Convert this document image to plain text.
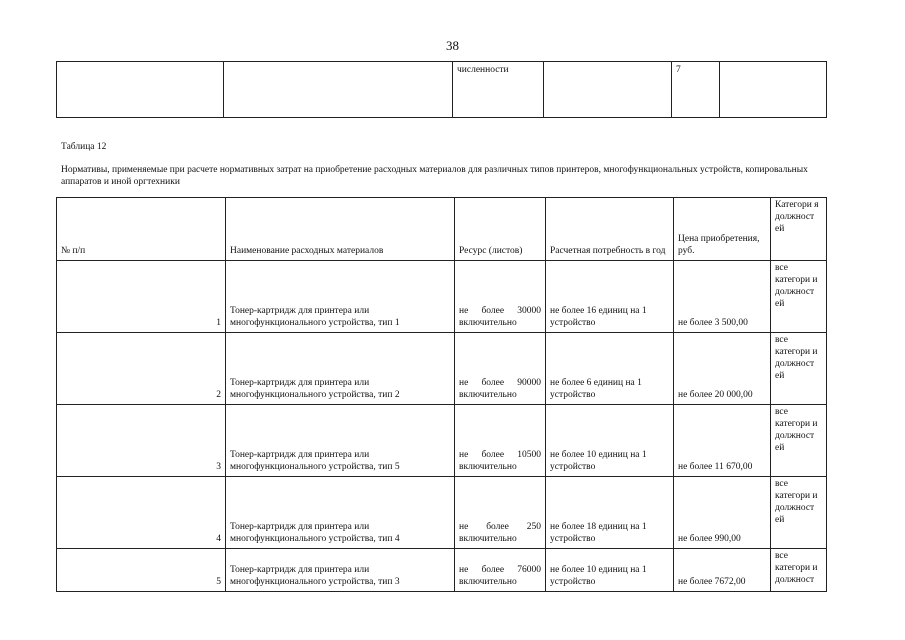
38
		численности		7	
Таблица 12
Нормативы, применяемые при расчете нормативных затрат на приобретение расходных материалов для различных типов принтеров, многофункциональных устройств, копировальных аппаратов и иной оргтехники
№ п/п	Наименование расходных материалов	Ресурс (листов)	Расчетная потребность в год	Цена приобретения, руб.	Категори я должност ей
1	Тонер-картридж для принтера или многофункционального устройства, тип 1	не более 30000 включительно	не более 16 единиц на 1 устройство	не более 3 500,00	все категори и должност ей
2	Тонер-картридж для принтера или многофункционального устройства, тип 2	не более 90000 включительно	не более 6 единиц на 1 устройство	не более 20 000,00	все категори и должност ей
3	Тонер-картридж для принтера или многофункционального устройства, тип 5	не более 10500 включительно	не более 10 единиц на 1 устройство	не более 11 670,00	все категори и должност ей
4	Тонер-картридж для принтера или многофункционального устройства, тип 4	не более 250 включительно	не более 18 единиц на 1 устройство	не более 990,00	все категори и должност ей
5	Тонер-картридж для принтера или многофункционального устройства, тип 3	не более 76000 включительно	не более 10 единиц на 1 устройство	не более 7672,00	все категори и должност
